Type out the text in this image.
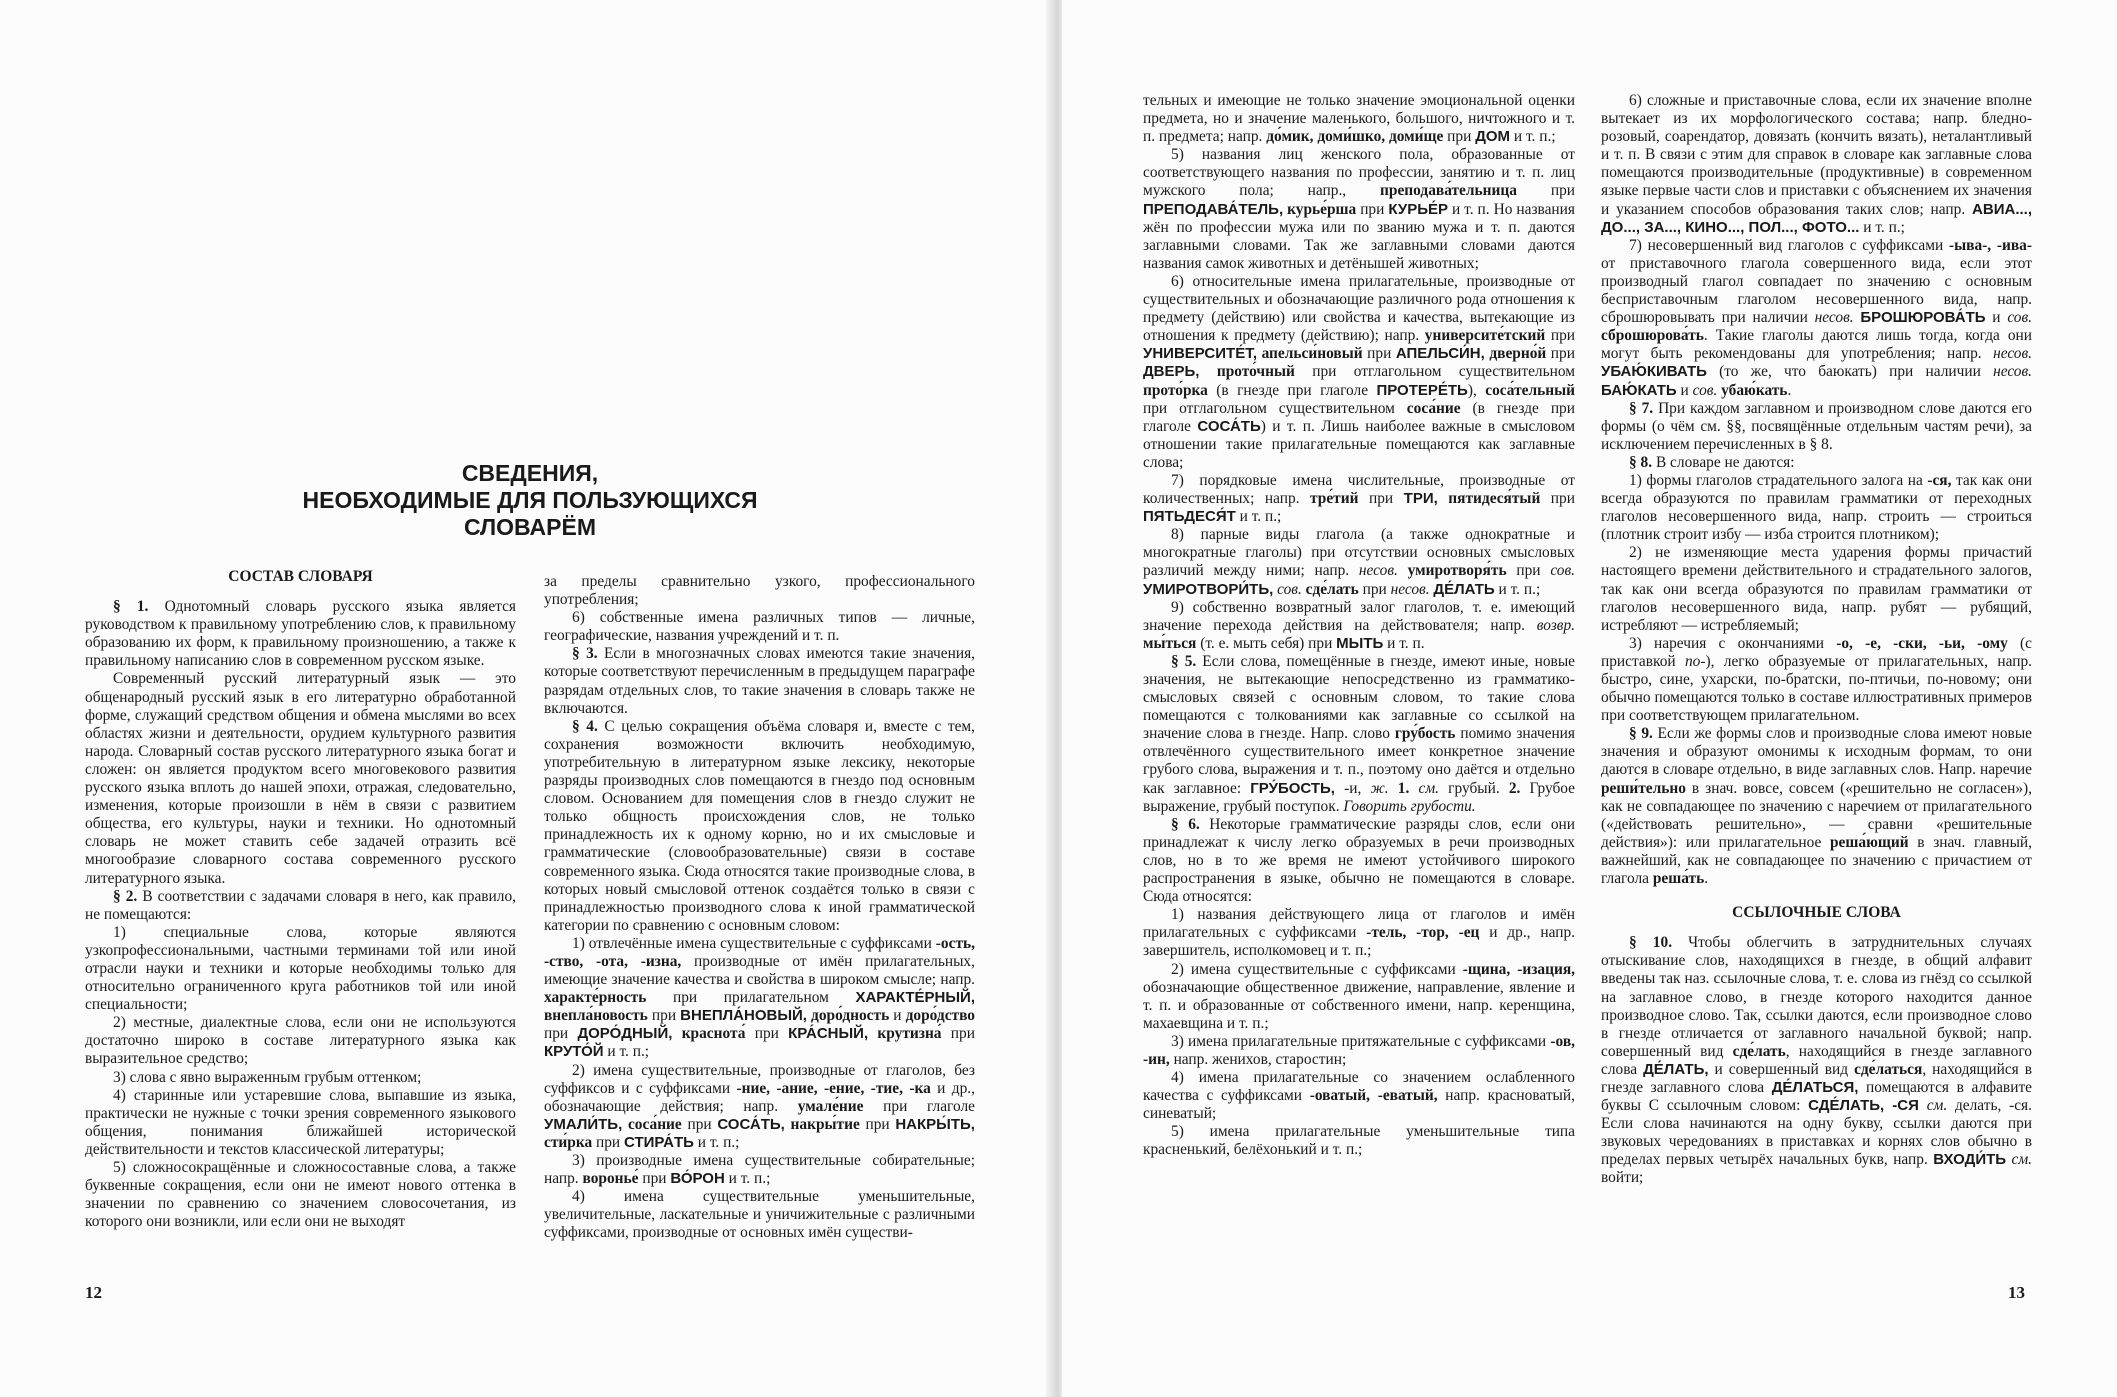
СВЕДЕНИЯ,
НЕОБХОДИМЫЕ ДЛЯ ПОЛЬЗУЮЩИХСЯ
СЛОВАРЁМ

СОСТАВ СЛОВАРЯ

§ 1. Однотомный словарь русского языка является руководством к правильному употреблению слов, к правильному образованию их форм, к правильному произношению, а также к правильному написанию слов в современном русском языке.

Современный русский литературный язык — это общенародный русский язык в его литературно обработанной форме, служащий средством общения и обмена мыслями во всех областях жизни и деятельности, орудием культурного развития народа. Словарный состав русского литературного языка богат и сложен: он является продуктом всего многовекового развития русского языка вплоть до нашей эпохи, отражая, следовательно, изменения, которые произошли в нём в связи с развитием общества, его культуры, науки и техники. Но однотомный словарь не может ставить себе задачей отразить всё многообразие словарного состава современного русского литературного языка.

§ 2. В соответствии с задачами словаря в него, как правило, не помещаются:

1) специальные слова, которые являются узкопрофессиональными, частными терминами той или иной отрасли науки и техники и которые необходимы только для относительно ограниченного круга работников той или иной специальности;

2) местные, диалектные слова, если они не используются достаточно широко в составе литературного языка как выразительное средство;

3) слова с явно выраженным грубым оттенком;

4) старинные или устаревшие слова, выпавшие из языка, практически не нужные с точки зрения современного языкового общения, понимания ближайшей исторической действительности и текстов классической литературы;

5) сложносокращённые и сложносоставные слова, а также буквенные сокращения, если они не имеют нового оттенка в значении по сравнению со значением словосочетания, из которого они возникли, или если они не выходят

за пределы сравнительно узкого, профессионального употребления;

6) собственные имена различных типов — личные, географические, названия учреждений и т. п.

§ 3. Если в многозначных словах имеются такие значения, которые соответствуют перечисленным в предыдущем параграфе разрядам отдельных слов, то такие значения в словарь также не включаются.

§ 4. С целью сокращения объёма словаря и, вместе с тем, сохранения возможности включить необходимую, употребительную в литературном языке лексику, некоторые разряды производных слов помещаются в гнездо под основным словом. Основанием для помещения слов в гнездо служит не только общность происхождения слов, не только принадлежность их к одному корню, но и их смысловые и грамматические (словообразовательные) связи в составе современного языка. Сюда относятся такие производные слова, в которых новый смысловой оттенок создаётся только в связи с принадлежностью производного слова к иной грамматической категории по сравнению с основным словом:

1) отвлечённые имена существительные с суффиксами -ость, -ство, -ота, -изна, производные от имён прилагательных, имеющие значение качества и свойства в широком смысле; напр. характе́рность при прилагательном ХАРАКТЕ́РНЫЙ, внепла́новость при ВНЕПЛА́НОВЫЙ, доро́дность и доро́дство при ДОРО́ДНЫЙ, краснота́ при КРА́СНЫЙ, крутизна́ при КРУТО́Й и т. п.;

2) имена существительные, производные от глаголов, без суффиксов и с суффиксами -ние, -ание, -ение, -тие, -ка и др., обозначающие действия; напр. умале́ние при глаголе УМАЛИ́ТЬ, соса́ние при СОСА́ТЬ, накры́тие при НАКРЫ́ТЬ, сти́рка при СТИРА́ТЬ и т. п.;

3) производные имена существительные собирательные; напр. воронье́ при ВО́РОН и т. п.;

4) имена существительные уменьшительные, увеличительные, ласкательные и уничижительные с различными суффиксами, производные от основных имён существи-

12

тельных и имеющие не только значение эмоциональной оценки предмета, но и значение маленького, большого, ничтожного и т. п. предмета; напр. до́мик, доми́шко, доми́ще при ДОМ и т. п.;

5) названия лиц женского пола, образованные от соответствующего названия по профессии, занятию и т. п. лиц мужского пола; напр., преподава́тельница при ПРЕПОДАВА́ТЕЛЬ, курье́рша при КУРЬЕ́Р и т. п. Но названия жён по профессии мужа или по званию мужа и т. п. даются заглавными словами. Так же заглавными словами даются названия самок животных и детёнышей животных;

6) относительные имена прилагательные, производные от существительных и обозначающие различного рода отношения к предмету (действию) или свойства и качества, вытекающие из отношения к предмету (действию); напр. университе́тский при УНИВЕРСИТЕ́Т, апельси́новый при АПЕЛЬСИ́Н, дверно́й при ДВЕРЬ, прото́чный при отглагольном существительном прото́рка (в гнезде при глаголе ПРОТЕРЕ́ТЬ), соса́тельный при отглагольном существительном соса́ние (в гнезде при глаголе СОСА́ТЬ) и т. п. Лишь наиболее важные в смысловом отношении такие прилагательные помещаются как заглавные слова;

7) порядковые имена числительные, производные от количественных; напр. тре́тий при ТРИ, пятидеся́тый при ПЯТЬДЕСЯ́Т и т. п.;

8) парные виды глагола (а также однократные и многократные глаголы) при отсутствии основных смысловых различий между ними; напр. несов. умиротворя́ть при сов. УМИРОТВОРИ́ТЬ, сов. сде́лать при несов. ДЕ́ЛАТЬ и т. п.;

9) собственно возвратный залог глаголов, т. е. имеющий значение перехода действия на действователя; напр. возвр. мы́ться (т. е. мыть себя) при МЫТЬ и т. п.

§ 5. Если слова, помещённые в гнезде, имеют иные, новые значения, не вытекающие непосредственно из грамматико-смысловых связей с основным словом, то такие слова помещаются с толкованиями как заглавные со ссылкой на значение слова в гнезде. Напр. слово гру́бость помимо значения отвлечённого существительного имеет конкретное значение грубого слова, выражения и т. п., поэтому оно даётся и отдельно как заглавное: ГРУ́БОСТЬ, -и, ж. 1. см. грубый. 2. Грубое выражение, грубый поступок. Говорить грубости.

§ 6. Некоторые грамматические разряды слов, если они принадлежат к числу легко образуемых в речи производных слов, но в то же время не имеют устойчивого широкого распространения в языке, обычно не помещаются в словаре. Сюда относятся:

1) названия действующего лица от глаголов и имён прилагательных с суффиксами -тель, -тор, -ец и др., напр. завершитель, исполкомовец и т. п.;

2) имена существительные с суффиксами -щина, -изация, обозначающие общественное движение, направление, явление и т. п. и образованные от собственного имени, напр. керенщина, махаевщина и т. п.;

3) имена прилагательные притяжательные с суффиксами -ов, -ин, напр. женихов, старостин;

4) имена прилагательные со значением ослабленного качества с суффиксами -оватый, -еватый, напр. красноватый, синеватый;

5) имена прилагательные уменьшительные типа красненький, белёхонький и т. п.;

6) сложные и приставочные слова, если их значение вполне вытекает из их морфологического состава; напр. бледно-розовый, соарендатор, довязать (кончить вязать), неталантливый и т. п. В связи с этим для справок в словаре как заглавные слова помещаются производительные (продуктивные) в современном языке первые части слов и приставки с объяснением их значения и указанием способов образования таких слов; напр. АВИА..., ДО..., ЗА..., КИНО..., ПОЛ..., ФОТО... и т. п.;

7) несовершенный вид глаголов с суффиксами -ыва-, -ива- от приставочного глагола совершенного вида, если этот производный глагол совпадает по значению с основным бесприставочным глаголом несовершенного вида, напр. сброшюровывать при наличии несов. БРОШЮРОВА́ТЬ и сов. сброшюрова́ть. Такие глаголы даются лишь тогда, когда они могут быть рекомендованы для употребления; напр. несов. УБАЮ́КИВАТЬ (то же, что баюкать) при наличии несов. БАЮ́КАТЬ и сов. убаю́кать.

§ 7. При каждом заглавном и производном слове даются его формы (о чём см. §§, посвящённые отдельным частям речи), за исключением перечисленных в § 8.

§ 8. В словаре не даются:

1) формы глаголов страдательного залога на -ся, так как они всегда образуются по правилам грамматики от переходных глаголов несовершенного вида, напр. строить — строиться (плотник строит избу — изба строится плотником);

2) не изменяющие места ударения формы причастий настоящего времени действительного и страдательного залогов, так как они всегда образуются по правилам грамматики от глаголов несовершенного вида, напр. рубят — рубящий, истребляют — истребляемый;

3) наречия с окончаниями -о, -е, -ски, -ьи, -ому (с приставкой по-), легко образуемые от прилагательных, напр. быстро, сине, ухарски, по-братски, по-птичьи, по-новому; они обычно помещаются только в составе иллюстративных примеров при соответствующем прилагательном.

§ 9. Если же формы слов и производные слова имеют новые значения и образуют омонимы к исходным формам, то они даются в словаре отдельно, в виде заглавных слов. Напр. наречие реши́тельно в знач. вовсе, совсем («решительно не согласен»), как не совпадающее по значению с наречием от прилагательного («действовать решительно», — сравни «решительные действия»): или прилагательное реша́ющий в знач. главный, важнейший, как не совпадающее по значению с причастием от глагола реша́ть.

ССЫЛОЧНЫЕ СЛОВА

§ 10. Чтобы облегчить в затруднительных случаях отыскивание слов, находящихся в гнезде, в общий алфавит введены так наз. ссылочные слова, т. е. слова из гнёзд со ссылкой на заглавное слово, в гнезде которого находится данное производное слово. Так, ссылки даются, если производное слово в гнезде отличается от заглавного начальной буквой; напр. совершенный вид сде́лать, находящийся в гнезде заглавного слова ДЕ́ЛАТЬ, и совершенный вид сде́латься, находящийся в гнезде заглавного слова ДЕ́ЛАТЬСЯ, помещаются в алфавите буквы С ссылочным словом: СДЕ́ЛАТЬ, -СЯ см. делать, -ся. Если слова начинаются на одну букву, ссылки даются при звуковых чередованиях в приставках и корнях слов обычно в пределах первых четырёх начальных букв, напр. ВХОДИ́ТЬ см. войти;

13
